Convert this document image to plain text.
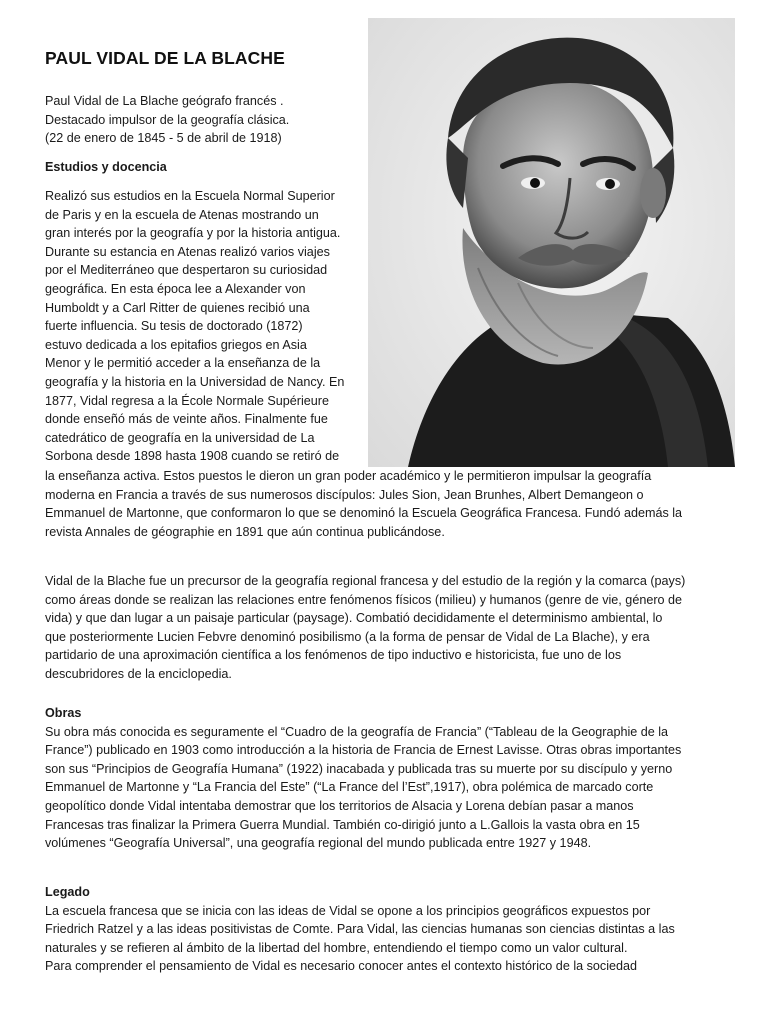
PAUL VIDAL DE LA BLACHE
Paul Vidal de La Blache geógrafo francés .
Destacado impulsor de la geografía clásica.
(22 de enero de 1845 - 5 de abril de 1918)
Estudios y docencia
Realizó sus estudios en la Escuela Normal Superior
de Paris y en la escuela de Atenas mostrando un
gran interés por la geografía y por la historia antigua.
Durante su estancia en Atenas realizó varios viajes
por el Mediterráneo que despertaron su curiosidad
geográfica. En esta época lee a Alexander von
Humboldt y a Carl Ritter de quienes recibió una
fuerte influencia. Su tesis de doctorado (1872)
estuvo dedicada a los epitafios griegos en Asia
Menor y le permitió acceder a la enseñanza de la
geografía y la historia en la Universidad de Nancy. En
1877, Vidal regresa a la École Normale Supérieure
donde enseñó más de veinte años. Finalmente fue
catedrático de geografía en la universidad de La
Sorbona desde 1898 hasta 1908 cuando se retiró de
la enseñanza activa. Estos puestos le dieron un gran poder académico y le permitieron impulsar la geografía
moderna en Francia a través de sus numerosos discípulos: Jules Sion, Jean Brunhes, Albert Demangeon o
Emmanuel de Martonne, que conformaron lo que se denominó la Escuela Geográfica Francesa. Fundó además la
revista Annales de géographie en 1891 que aún continua publicándose.
Vidal de la Blache fue un precursor de la geografía regional francesa y del estudio de la región y la comarca (pays)
como áreas donde se realizan las relaciones entre fenómenos físicos (milieu) y humanos (genre de vie, género de
vida) y que dan lugar a un paisaje particular (paysage). Combatió decididamente el determinismo ambiental, lo
que posteriormente Lucien Febvre denominó posibilismo (a la forma de pensar de Vidal de La Blache), y era
partidario de una aproximación científica a los fenómenos de tipo inductivo e historicista, fue uno de los
descubridores de la enciclopedia.
Obras
Su obra más conocida es seguramente el “Cuadro de la geografía de Francia” (“Tableau de la Geographie de la
France”) publicado en 1903 como introducción a la historia de Francia de Ernest Lavisse. Otras obras importantes
son sus “Principios de Geografía Humana” (1922) inacabada y publicada tras su muerte por su discípulo y yerno
Emmanuel de Martonne y “La Francia del Este” (“La France del l’Est”,1917), obra polémica de marcado corte
geopolítico donde Vidal intentaba demostrar que los territorios de Alsacia y Lorena debían pasar a manos
Francesas tras finalizar la Primera Guerra Mundial. También co-dirigió junto a L.Gallois la vasta obra en 15
volúmenes “Geografía Universal”, una geografía regional del mundo publicada entre 1927 y 1948.
Legado
La escuela francesa que se inicia con las ideas de Vidal se opone a los principios geográficos expuestos por
Friedrich Ratzel y a las ideas positivistas de Comte. Para Vidal, las ciencias humanas son ciencias distintas a las
naturales y se refieren al ámbito de la libertad del hombre, entendiendo el tiempo como un valor cultural.
Para comprender el pensamiento de Vidal es necesario conocer antes el contexto histórico de la sociedad
